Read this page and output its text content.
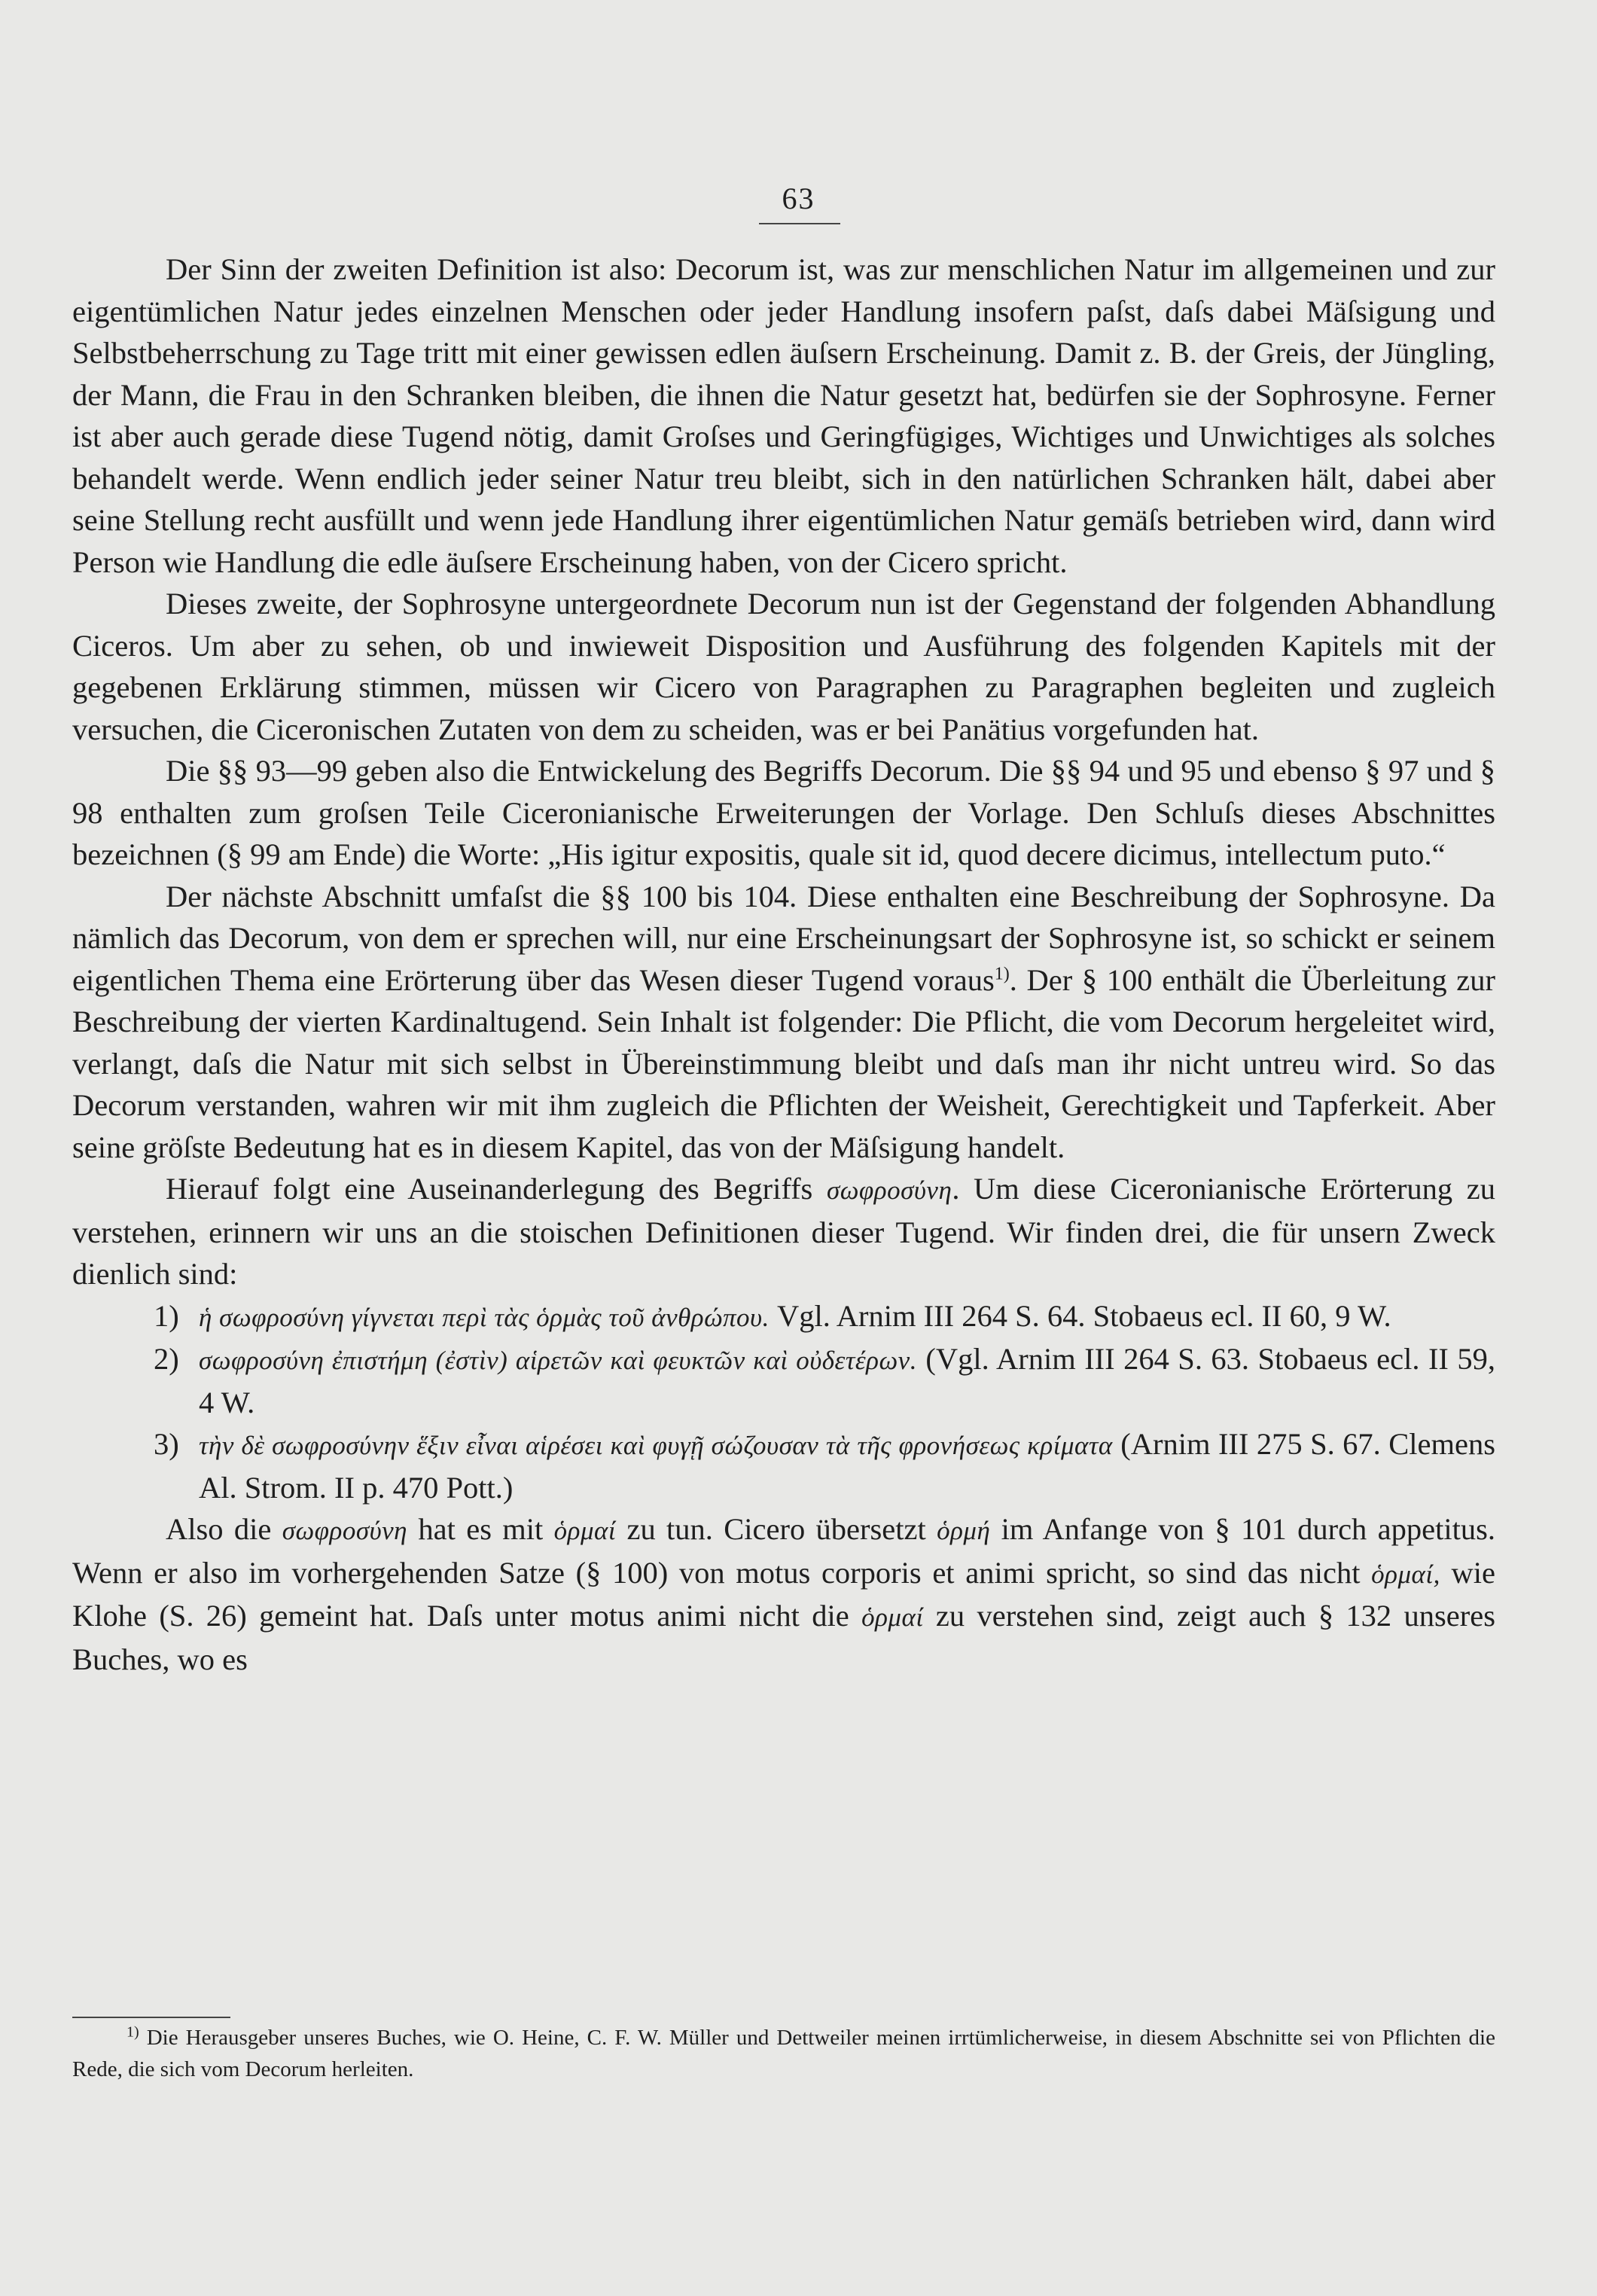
63

Der Sinn der zweiten Definition ist also: Decorum ist, was zur menschlichen Natur im allgemeinen und zur eigentümlichen Natur jedes einzelnen Menschen oder jeder Handlung insofern paſst, daſs dabei Mäſsigung und Selbstbeherrschung zu Tage tritt mit einer gewissen edlen äuſsern Erscheinung. Damit z. B. der Greis, der Jüngling, der Mann, die Frau in den Schranken bleiben, die ihnen die Natur gesetzt hat, bedürfen sie der Sophrosyne. Ferner ist aber auch gerade diese Tugend nötig, damit Groſses und Geringfügiges, Wichtiges und Unwichtiges als solches behandelt werde. Wenn endlich jeder seiner Natur treu bleibt, sich in den natürlichen Schranken hält, dabei aber seine Stellung recht ausfüllt und wenn jede Handlung ihrer eigentümlichen Natur gemäſs betrieben wird, dann wird Person wie Handlung die edle äuſsere Erscheinung haben, von der Cicero spricht.

Dieses zweite, der Sophrosyne untergeordnete Decorum nun ist der Gegenstand der folgenden Abhandlung Ciceros. Um aber zu sehen, ob und inwieweit Disposition und Ausführung des folgenden Kapitels mit der gegebenen Erklärung stimmen, müssen wir Cicero von Paragraphen zu Paragraphen begleiten und zugleich versuchen, die Ciceronischen Zutaten von dem zu scheiden, was er bei Panätius vorgefunden hat.

Die §§ 93—99 geben also die Entwickelung des Begriffs Decorum. Die §§ 94 und 95 und ebenso § 97 und § 98 enthalten zum groſsen Teile Ciceronianische Erweiterungen der Vorlage. Den Schluſs dieses Abschnittes bezeichnen (§ 99 am Ende) die Worte: „His igitur expositis, quale sit id, quod decere dicimus, intellectum puto.“

Der nächste Abschnitt umfaſst die §§ 100 bis 104. Diese enthalten eine Beschreibung der Sophrosyne. Da nämlich das Decorum, von dem er sprechen will, nur eine Erscheinungsart der Sophrosyne ist, so schickt er seinem eigentlichen Thema eine Erörterung über das Wesen dieser Tugend voraus$^{1)}$. Der § 100 enthält die Überleitung zur Beschreibung der vierten Kardinaltugend. Sein Inhalt ist folgender: Die Pflicht, die vom Decorum hergeleitet wird, verlangt, daſs die Natur mit sich selbst in Übereinstimmung bleibt und daſs man ihr nicht untreu wird. So das Decorum verstanden, wahren wir mit ihm zugleich die Pflichten der Weisheit, Gerechtigkeit und Tapferkeit. Aber seine gröſste Bedeutung hat es in diesem Kapitel, das von der Mäſsigung handelt.

Hierauf folgt eine Auseinanderlegung des Begriffs σωφροσύνη. Um diese Ciceronianische Erörterung zu verstehen, erinnern wir uns an die stoischen Definitionen dieser Tugend. Wir finden drei, die für unsern Zweck dienlich sind:

1) ἡ σωφροσύνη γίγνεται περὶ τὰς ὁρμὰς τοῦ ἀνθρώπου. Vgl. Arnim III 264 S. 64. Stobaeus ecl. II 60, 9 W.
2) σωφροσύνη ἐπιστήμη (ἐστὶν) αἱρετῶν καὶ φευκτῶν καὶ οὐδετέρων. (Vgl. Arnim III 264 S. 63. Stobaeus ecl. II 59, 4 W.
3) τὴν δὲ σωφροσύνην ἕξιν εἶναι αἱρέσει καὶ φυγῇ σώζουσαν τὰ τῆς φρονήσεως κρίματα (Arnim III 275 S. 67. Clemens Al. Strom. II p. 470 Pott.)

Also die σωφροσύνη hat es mit ὁρμαί zu tun. Cicero übersetzt ὁρμή im Anfange von § 101 durch appetitus. Wenn er also im vorhergehenden Satze (§ 100) von motus corporis et animi spricht, so sind das nicht ὁρμαί, wie Klohe (S. 26) gemeint hat. Daſs unter motus animi nicht die ὁρμαί zu verstehen sind, zeigt auch § 132 unseres Buches, wo es

$^{1)}$ Die Herausgeber unseres Buches, wie O. Heine, C. F. W. Müller und Dettweiler meinen irrtümlicherweise, in diesem Abschnitte sei von Pflichten die Rede, die sich vom Decorum herleiten.
